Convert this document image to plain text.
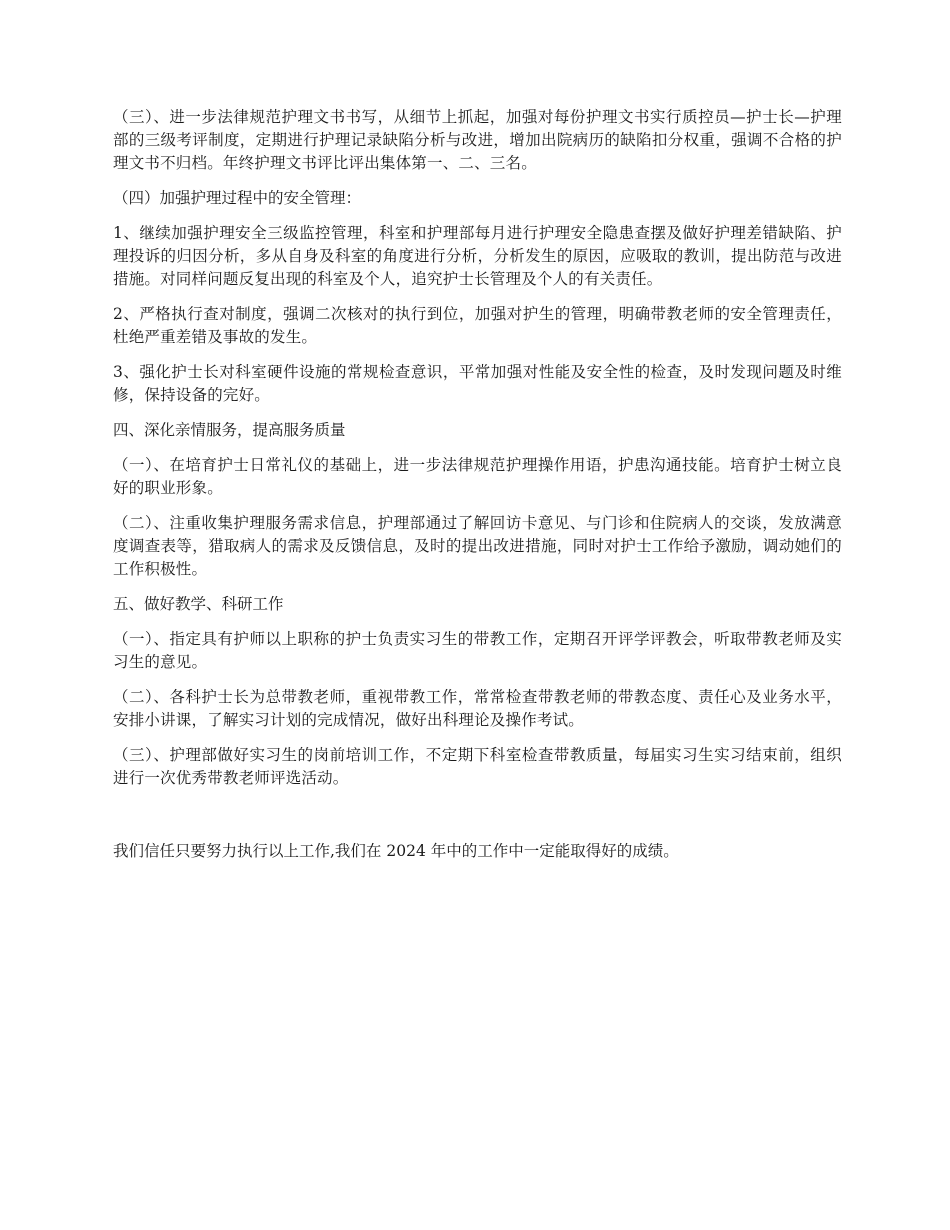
（三）、进一步法律规范护理文书书写，从细节上抓起，加强对每份护理文书实行质控员—护士长—护理部的三级考评制度，定期进行护理记录缺陷分析与改进，增加出院病历的缺陷扣分权重，强调不合格的护理文书不归档。年终护理文书评比评出集体第一、二、三名。

（四）加强护理过程中的安全管理：

1、继续加强护理安全三级监控管理，科室和护理部每月进行护理安全隐患查摆及做好护理差错缺陷、护理投诉的归因分析，多从自身及科室的角度进行分析，分析发生的原因，应吸取的教训，提出防范与改进措施。对同样问题反复出现的科室及个人，追究护士长管理及个人的有关责任。

2、严格执行查对制度，强调二次核对的执行到位，加强对护生的管理，明确带教老师的安全管理责任，杜绝严重差错及事故的发生。

3、强化护士长对科室硬件设施的常规检查意识，平常加强对性能及安全性的检查，及时发现问题及时维修，保持设备的完好。

四、深化亲情服务，提高服务质量

（一）、在培育护士日常礼仪的基础上，进一步法律规范护理操作用语，护患沟通技能。培育护士树立良好的职业形象。

（二）、注重收集护理服务需求信息，护理部通过了解回访卡意见、与门诊和住院病人的交谈，发放满意度调查表等，猎取病人的需求及反馈信息，及时的提出改进措施，同时对护士工作给予激励，调动她们的工作积极性。

五、做好教学、科研工作

（一）、指定具有护师以上职称的护士负责实习生的带教工作，定期召开评学评教会，听取带教老师及实习生的意见。

（二）、各科护士长为总带教老师，重视带教工作，常常检查带教老师的带教态度、责任心及业务水平，安排小讲课，了解实习计划的完成情况，做好出科理论及操作考试。

（三）、护理部做好实习生的岗前培训工作，不定期下科室检查带教质量，每届实习生实习结束前，组织进行一次优秀带教老师评选活动。

我们信任只要努力执行以上工作,我们在 2024 年中的工作中一定能取得好的成绩。
